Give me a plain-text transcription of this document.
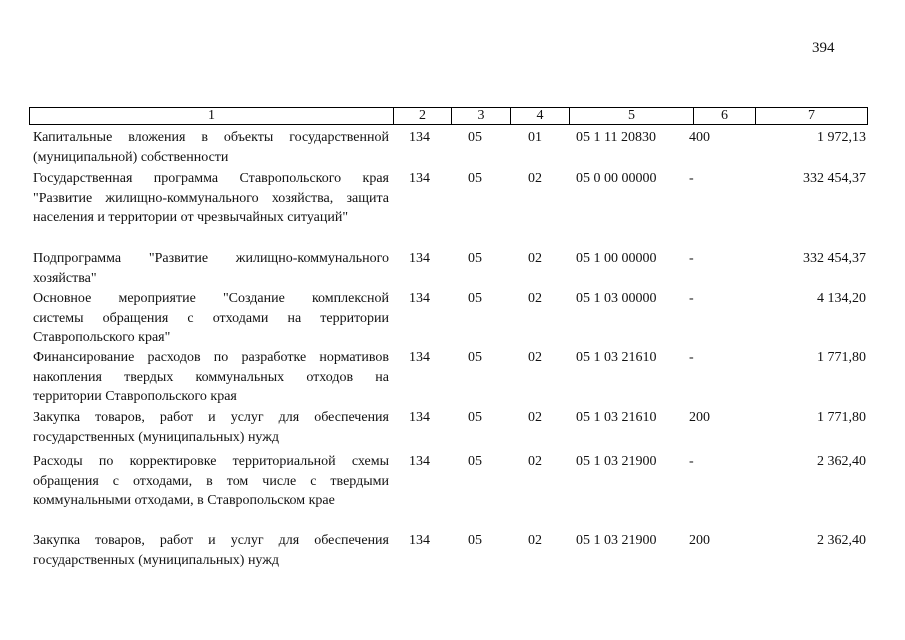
394
1	2	3	4	5	6	7
Капитальные вложения в объекты государственной
(муниципальной) собственности
134	05	01	05 1 11 20830	400	1 972,13
Государственная программа Ставропольского края
"Развитие жилищно-коммунального хозяйства, защита
населения и территории от чрезвычайных ситуаций"
134	05	02	05 0 00 00000	-	332 454,37
Подпрограмма "Развитие жилищно-коммунального
хозяйства"
134	05	02	05 1 00 00000	-	332 454,37
Основное мероприятие "Создание комплексной
системы обращения с отходами на территории
Ставропольского края"
134	05	02	05 1 03 00000	-	4 134,20
Финансирование расходов по разработке нормативов
накопления твердых коммунальных отходов на
территории Ставропольского края
134	05	02	05 1 03 21610	-	1 771,80
Закупка товаров, работ и услуг для обеспечения
государственных (муниципальных) нужд
134	05	02	05 1 03 21610	200	1 771,80
Расходы по корректировке территориальной схемы
обращения с отходами, в том числе с твердыми
коммунальными отходами, в Ставропольском крае
134	05	02	05 1 03 21900	-	2 362,40
Закупка товаров, работ и услуг для обеспечения
государственных (муниципальных) нужд
134	05	02	05 1 03 21900	200	2 362,40
